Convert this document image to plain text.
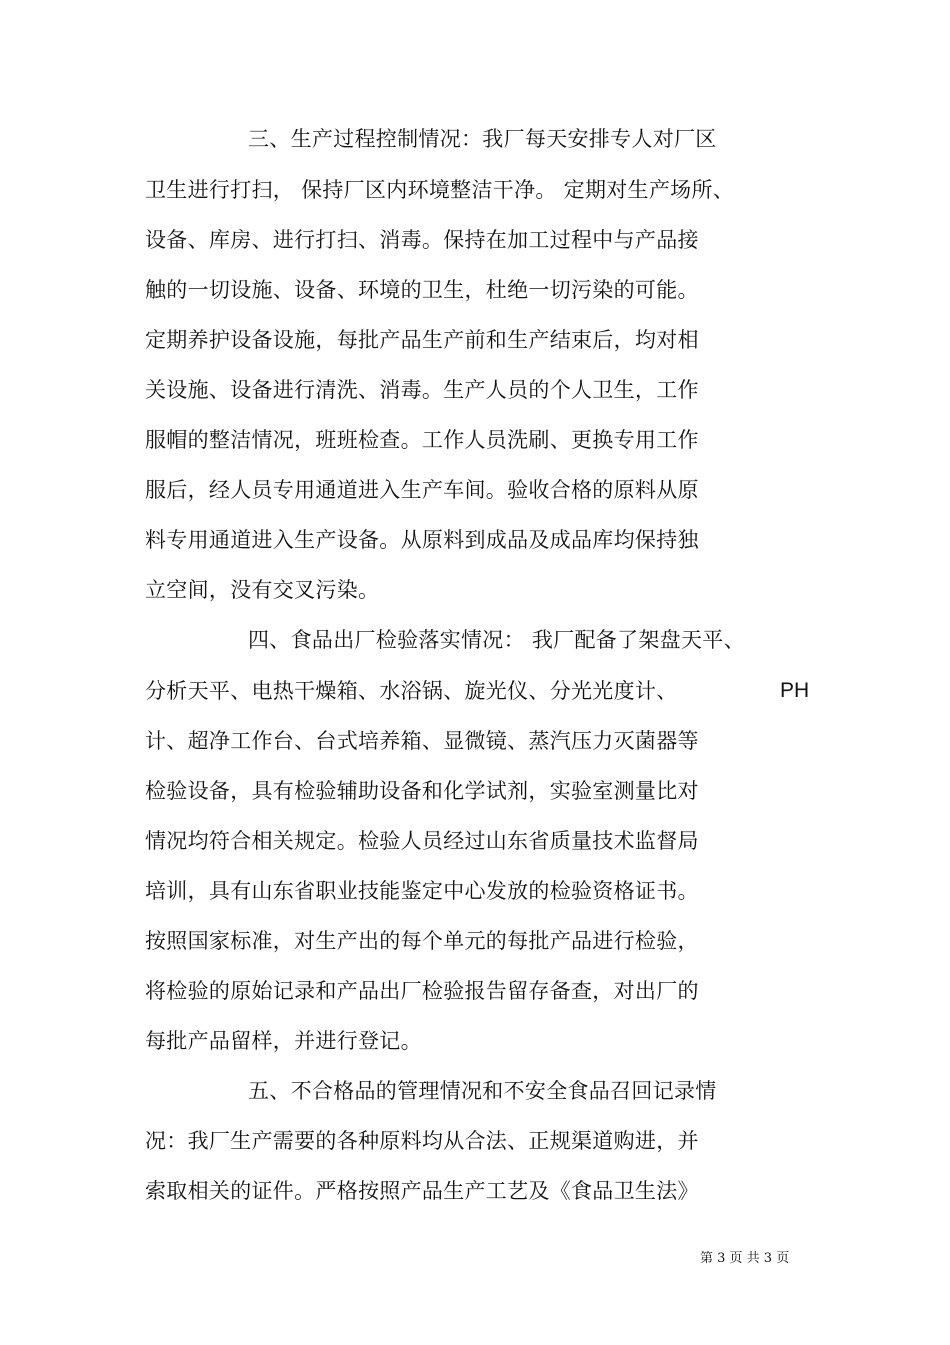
三、生产过程控制情况：我厂每天安排专人对厂区

卫生进行打扫， 保持厂区内环境整洁干净。 定期对生产场所、

设备、库房、进行打扫、消毒。保持在加工过程中与产品接

触的一切设施、设备、环境的卫生，杜绝一切污染的可能。

定期养护设备设施，每批产品生产前和生产结束后，均对相

关设施、设备进行清洗、消毒。生产人员的个人卫生，工作

服帽的整洁情况，班班检查。工作人员洗刷、更换专用工作

服后，经人员专用通道进入生产车间。验收合格的原料从原

料专用通道进入生产设备。从原料到成品及成品库均保持独

立空间，没有交叉污染。

四、食品出厂检验落实情况： 我厂配备了架盘天平、

分析天平、电热干燥箱、水浴锅、旋光仪、分光光度计、	PH

计、超净工作台、台式培养箱、显微镜、蒸汽压力灭菌器等

检验设备，具有检验辅助设备和化学试剂，实验室测量比对

情况均符合相关规定。检验人员经过山东省质量技术监督局

培训，具有山东省职业技能鉴定中心发放的检验资格证书。

按照国家标准，对生产出的每个单元的每批产品进行检验，

将检验的原始记录和产品出厂检验报告留存备查，对出厂的

每批产品留样，并进行登记。

五、不合格品的管理情况和不安全食品召回记录情

况：我厂生产需要的各种原料均从合法、正规渠道购进，并

索取相关的证件。严格按照产品生产工艺及《食品卫生法》

第 3 页 共 3 页
